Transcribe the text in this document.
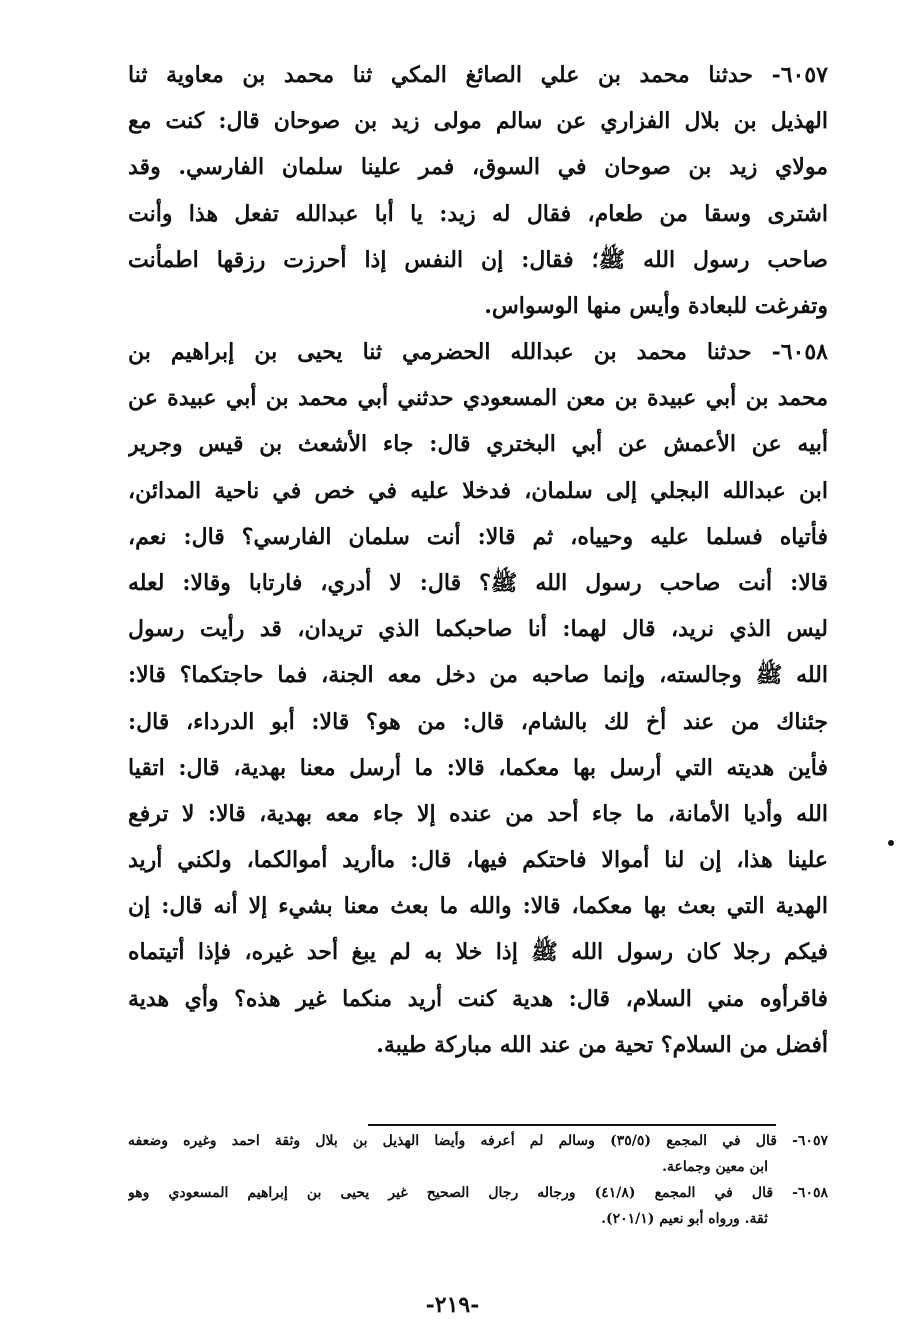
٦٠٥٧- حدثنا محمد بن علي الصائغ المكي ثنا محمد بن معاوية ثنا
الهذيل بن بلال الفزاري عن سالم مولى زيد بن صوحان قال: كنت مع
مولاي زيد بن صوحان في السوق، فمر علينا سلمان الفارسي. وقد
اشترى وسقا من طعام، فقال له زيد: يا أبا عبدالله تفعل هذا وأنت
صاحب رسول الله ﷺ؛ فقال: إن النفس إذا أحرزت رزقها اطمأنت
وتفرغت للبعادة وأيس منها الوسواس.
٦٠٥٨- حدثنا محمد بن عبدالله الحضرمي ثنا يحيى بن إبراهيم بن
محمد بن أبي عبيدة بن معن المسعودي حدثني أبي محمد بن أبي عبيدة عن
أبيه عن الأعمش عن أبي البختري قال: جاء الأشعث بن قيس وجرير
ابن عبدالله البجلي إلى سلمان، فدخلا عليه في خص في ناحية المدائن،
فأتياه فسلما عليه وحيياه، ثم قالا: أنت سلمان الفارسي؟ قال: نعم،
قالا: أنت صاحب رسول الله ﷺ؟ قال: لا أدري، فارتابا وقالا: لعله
ليس الذي نريد، قال لهما: أنا صاحبكما الذي تريدان، قد رأيت رسول
الله ﷺ وجالسته، وإنما صاحبه من دخل معه الجنة، فما حاجتكما؟ قالا:
جئناك من عند أخ لك بالشام، قال: من هو؟ قالا: أبو الدرداء، قال:
فأين هديته التي أرسل بها معكما، قالا: ما أرسل معنا بهدية، قال: اتقيا
الله وأديا الأمانة، ما جاء أحد من عنده إلا جاء معه بهدية، قالا: لا ترفع
علينا هذا، إن لنا أموالا فاحتكم فيها، قال: ماأريد أموالكما، ولكني أريد
الهدية التي بعث بها معكما، قالا: والله ما بعث معنا بشيء إلا أنه قال: إن
فيكم رجلا كان رسول الله ﷺ إذا خلا به لم يبغ أحد غيره، فإذا أتيتماه
فاقرأوه مني السلام، قال: هدية كنت أريد منكما غير هذه؟ وأي هدية
أفضل من السلام؟ تحية من عند الله مباركة طيبة.
٦٠٥٧- قال في المجمع (٣٥/٥) وسالم لم أعرفه وأيضا الهذيل بن بلال وثقة احمد وغيره وضعفه
ابن معين وجماعة.
٦٠٥٨- قال في المجمع (٤١/٨) ورجاله رجال الصحيح غير يحيى بن إبراهيم المسعودي وهو
ثقة. ورواه أبو نعيم (٢٠١/١).
-٢١٩-
